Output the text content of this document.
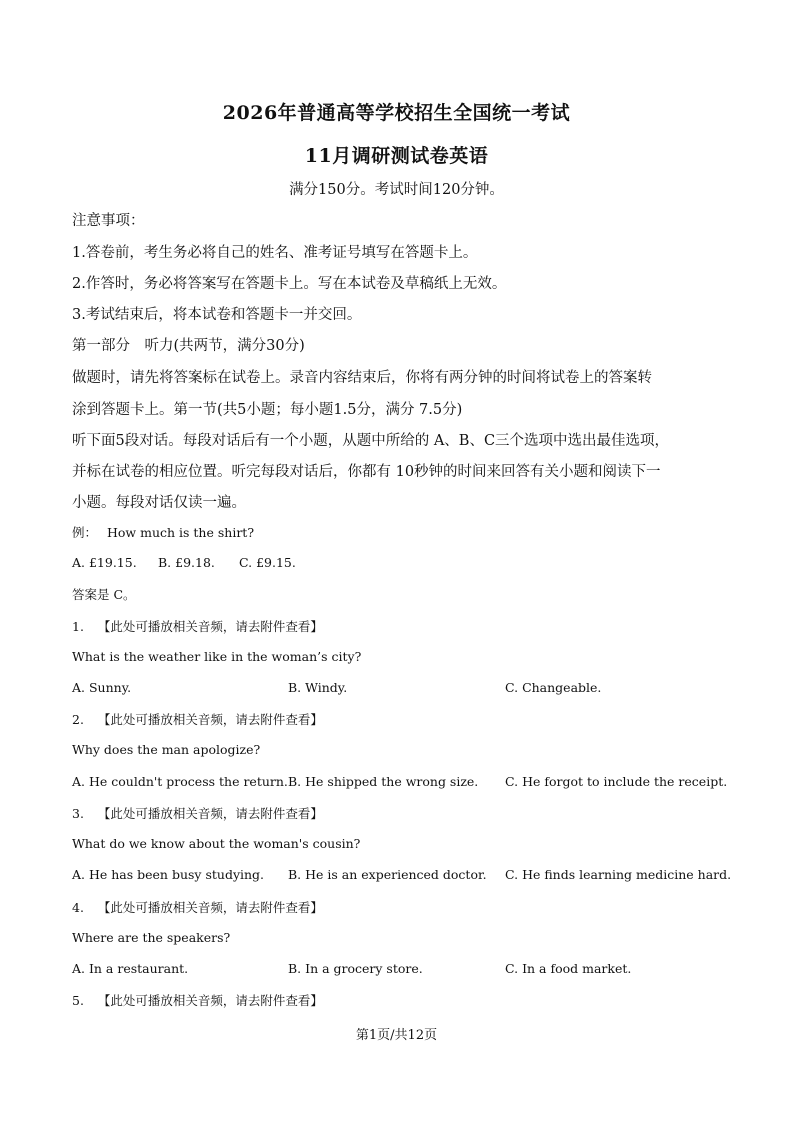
2026年普通高等学校招生全国统一考试
11月调研测试卷英语
满分150分。考试时间120分钟。
注意事项：
1.答卷前，考生务必将自己的姓名、准考证号填写在答题卡上。
2.作答时，务必将答案写在答题卡上。写在本试卷及草稿纸上无效。
3.考试结束后，将本试卷和答题卡一并交回。
第一部分　听力(共两节，满分30分)
做题时，请先将答案标在试卷上。录音内容结束后，你将有两分钟的时间将试卷上的答案转
涂到答题卡上。第一节(共5小题；每小题1.5分，满分 7.5分)
听下面5段对话。每段对话后有一个小题，从题中所给的 A、B、C三个选项中选出最佳选项，
并标在试卷的相应位置。听完每段对话后，你都有 10秒钟的时间来回答有关小题和阅读下一
小题。每段对话仅读一遍。
例： How much is the shirt?
A. £19.15. B. £9.18. C. £9.15.
答案是 C。
1. 【此处可播放相关音频，请去附件查看】
What is the weather like in the woman’s city?
A. Sunny.	B. Windy.	C. Changeable.
2. 【此处可播放相关音频，请去附件查看】
Why does the man apologize?
A. He couldn't process the return. B. He shipped the wrong size. C. He forgot to include the receipt.
3. 【此处可播放相关音频，请去附件查看】
What do we know about the woman's cousin?
A. He has been busy studying. B. He is an experienced doctor. C. He finds learning medicine hard.
4. 【此处可播放相关音频，请去附件查看】
Where are the speakers?
A. In a restaurant.	B. In a grocery store.	C. In a food market.
5. 【此处可播放相关音频，请去附件查看】
第1页/共12页
